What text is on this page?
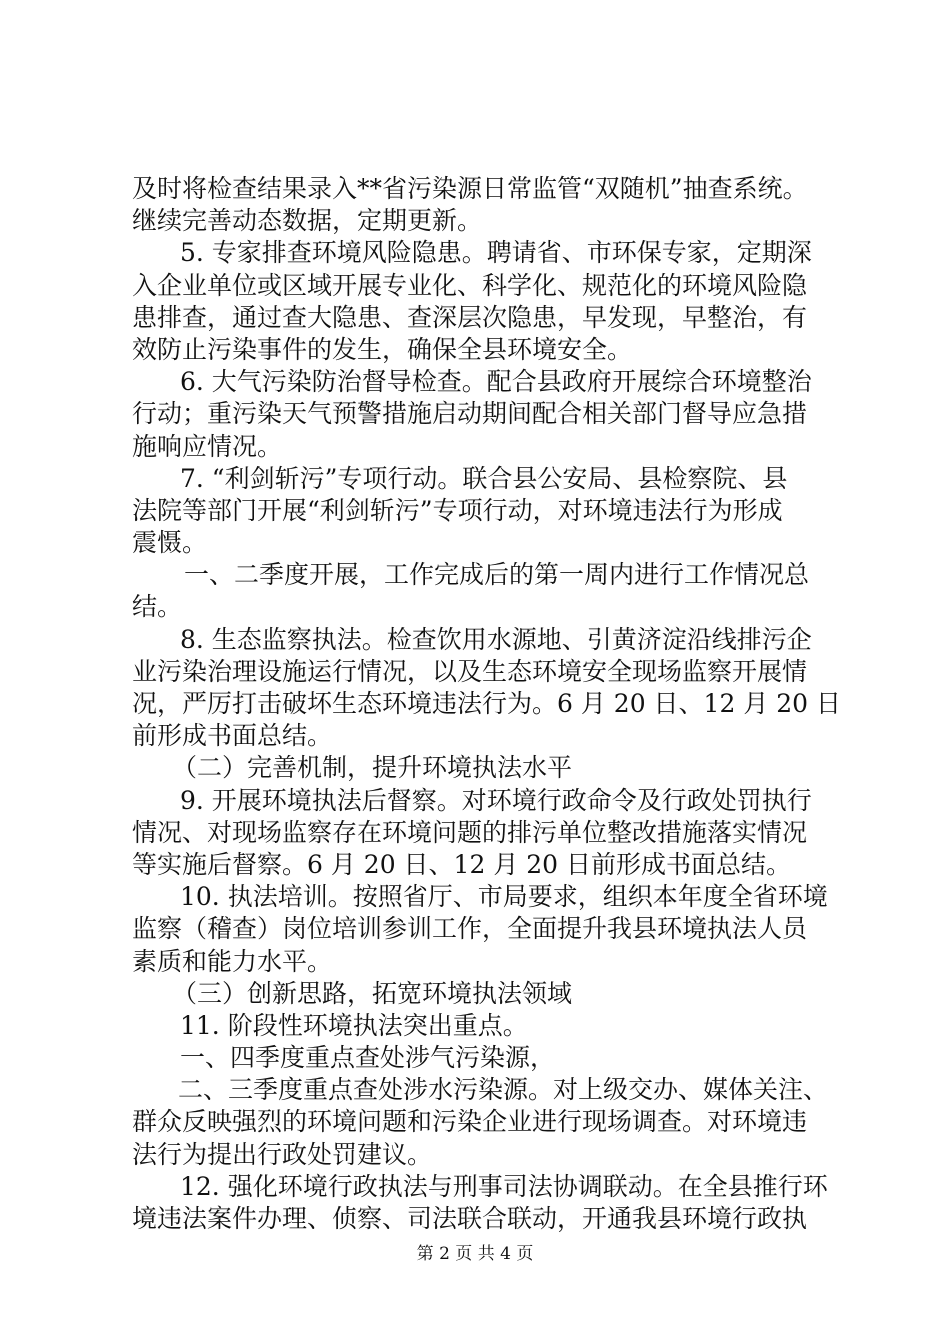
及时将检查结果录入**省污染源日常监管“双随机”抽查系统。
继续完善动态数据，定期更新。
5. 专家排查环境风险隐患。聘请省、市环保专家，定期深
入企业单位或区域开展专业化、科学化、规范化的环境风险隐
患排查，通过查大隐患、查深层次隐患，早发现，早整治，有
效防止污染事件的发生，确保全县环境安全。
6. 大气污染防治督导检查。配合县政府开展综合环境整治
行动；重污染天气预警措施启动期间配合相关部门督导应急措
施响应情况。
7. “利剑斩污”专项行动。联合县公安局、县检察院、县
法院等部门开展“利剑斩污”专项行动，对环境违法行为形成
震慑。
一、二季度开展，工作完成后的第一周内进行工作情况总
结。
8. 生态监察执法。检查饮用水源地、引黄济淀沿线排污企
业污染治理设施运行情况，以及生态环境安全现场监察开展情
况，严厉打击破坏生态环境违法行为。6 月 20 日、12 月 20 日
前形成书面总结。
（二）完善机制，提升环境执法水平
9. 开展环境执法后督察。对环境行政命令及行政处罚执行
情况、对现场监察存在环境问题的排污单位整改措施落实情况
等实施后督察。6 月 20 日、12 月 20 日前形成书面总结。
10. 执法培训。按照省厅、市局要求，组织本年度全省环境
监察（稽查）岗位培训参训工作，全面提升我县环境执法人员
素质和能力水平。
（三）创新思路，拓宽环境执法领域
11. 阶段性环境执法突出重点。
一、四季度重点查处涉气污染源，
二、三季度重点查处涉水污染源。对上级交办、媒体关注、
群众反映强烈的环境问题和污染企业进行现场调查。对环境违
法行为提出行政处罚建议。
12. 强化环境行政执法与刑事司法协调联动。在全县推行环
境违法案件办理、侦察、司法联合联动，开通我县环境行政执
第 2 页 共 4 页
